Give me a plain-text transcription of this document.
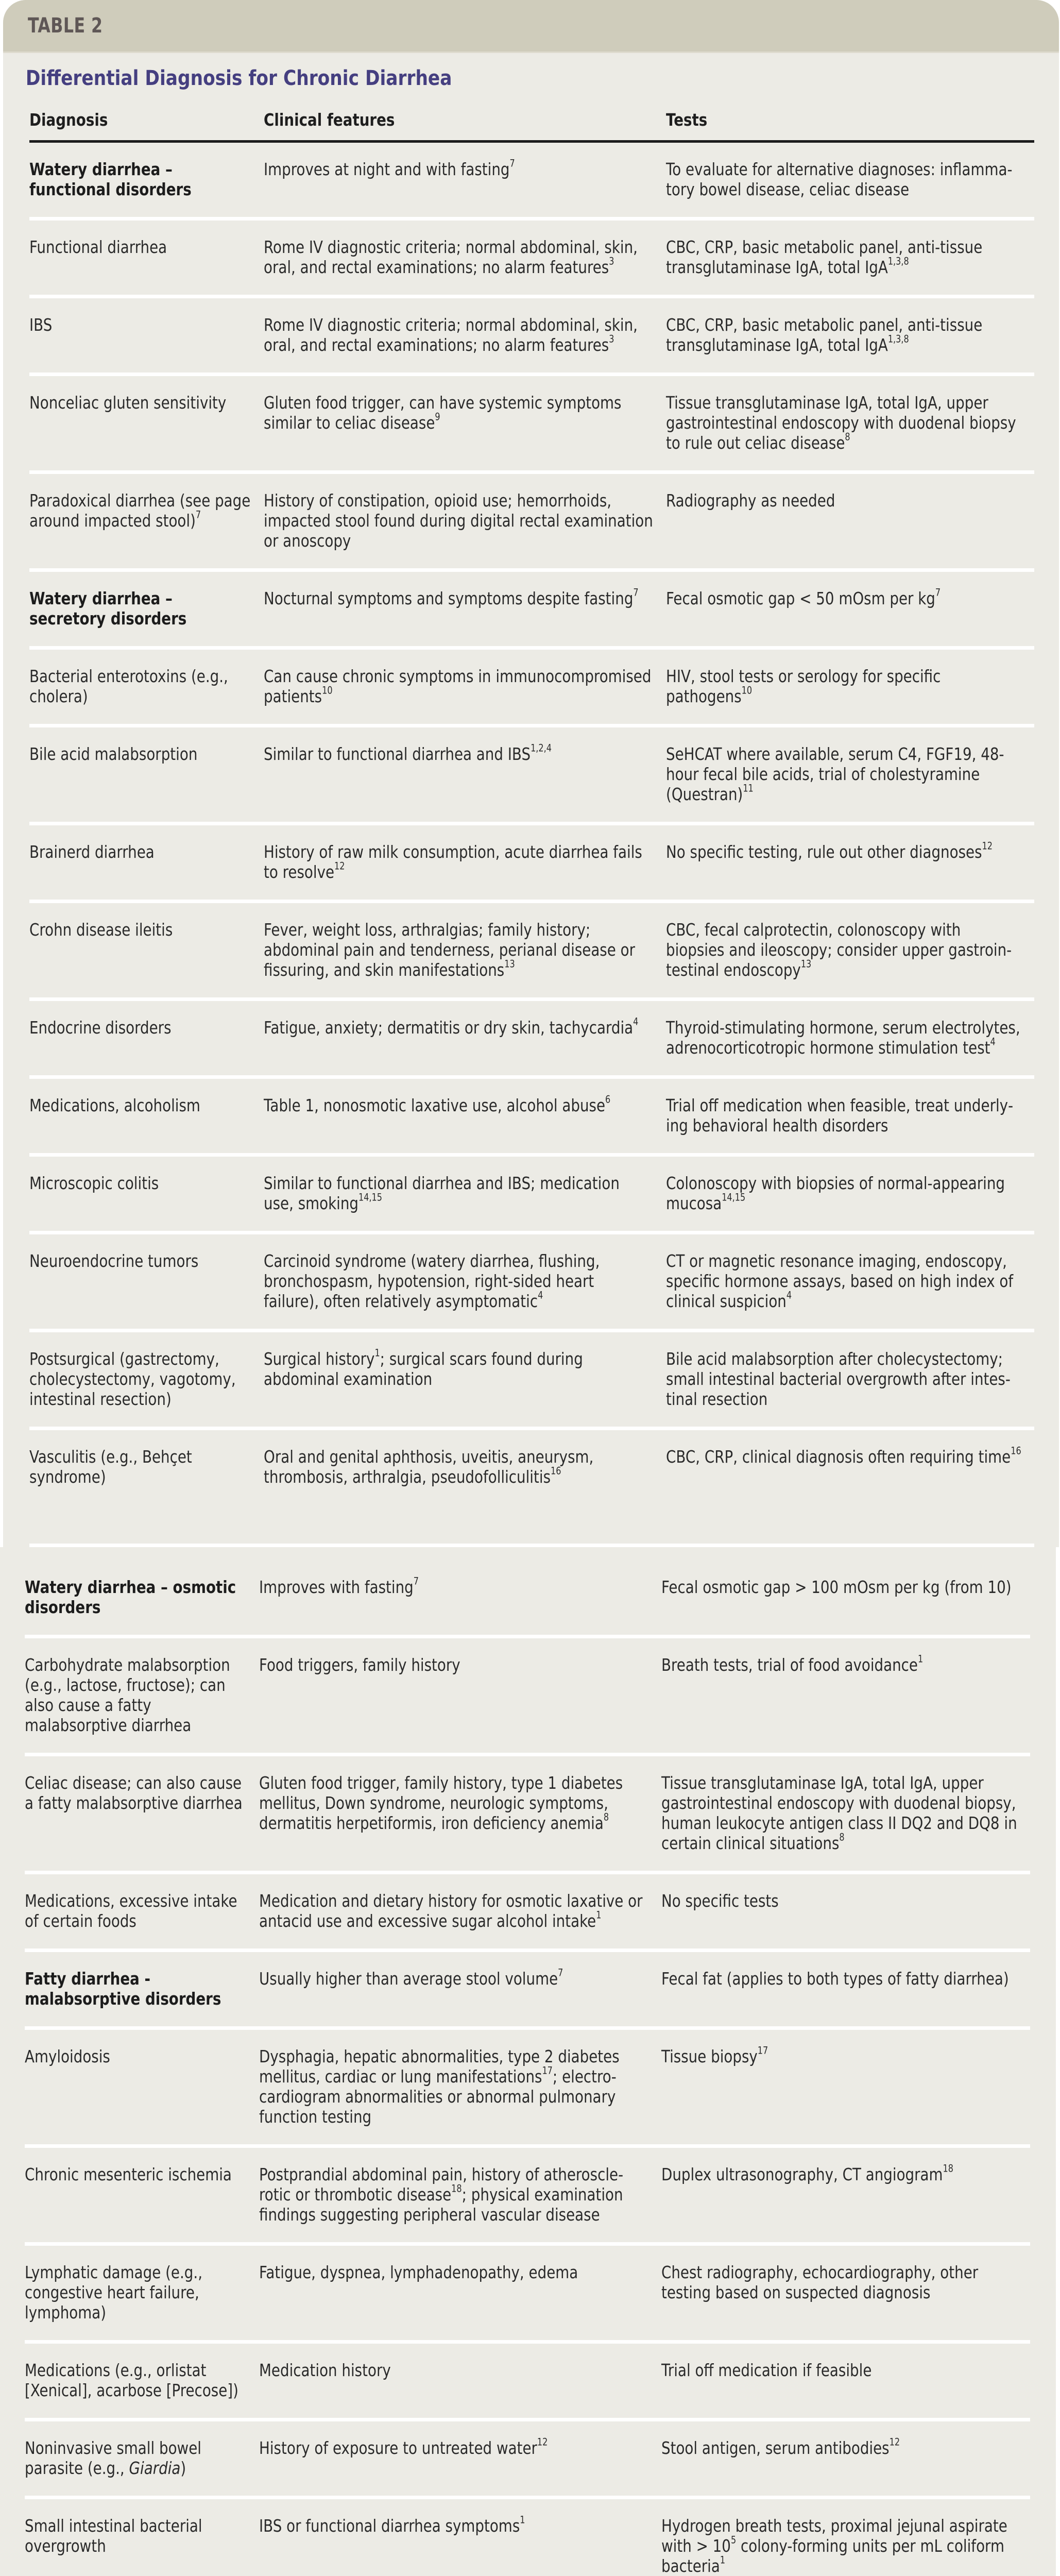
TABLE 2
Differential Diagnosis for Chronic Diarrhea
Diagnosis	Clinical features	Tests
Watery diarrhea – functional disorders	Improves at night and with fasting$^7$	To evaluate for alternative diagnoses: inflammatory bowel disease, celiac disease
Functional diarrhea	Rome IV diagnostic criteria; normal abdominal, skin, oral, and rectal examinations; no alarm features$^3$	CBC, CRP, basic metabolic panel, anti-tissue transglutaminase IgA, total IgA$^{1,3,8}$
IBS	Rome IV diagnostic criteria; normal abdominal, skin, oral, and rectal examinations; no alarm features$^3$	CBC, CRP, basic metabolic panel, anti-tissue transglutaminase IgA, total IgA$^{1,3,8}$
Nonceliac gluten sensitivity	Gluten food trigger, can have systemic symptoms similar to celiac disease$^9$	Tissue transglutaminase IgA, total IgA, upper gastrointestinal endoscopy with duodenal biopsy to rule out celiac disease$^8$
Paradoxical diarrhea (see page around impacted stool)$^7$	History of constipation, opioid use; hemorrhoids, impacted stool found during digital rectal examination or anoscopy	Radiography as needed
Watery diarrhea – secretory disorders	Nocturnal symptoms and symptoms despite fasting$^7$	Fecal osmotic gap < 50 mOsm per $kg^7$
Bacterial enterotoxins (e.g., cholera)	Can cause chronic symptoms in immunocompromised patients$^{10}$	HIV, stool tests or serology for specific pathogens$^{10}$
Bile acid malabsorption	Similar to functional diarrhea and IBS$^{1,2,4}$	SeHCAT where available, serum C4, FGF19, 48-hour fecal bile acids, trial of cholestyramine (Questran)$^{11}$
Brainerd diarrhea	History of raw milk consumption, acute diarrhea fails to resolve$^{12}$	No specific testing, rule out other diagnoses$^{12}$
Crohn disease ileitis	Fever, weight loss, arthralgias; family history; abdominal pain and tenderness, perianal disease or fissuring, and skin manifestations$^{13}$	CBC, fecal calprotectin, colonoscopy with biopsies and ileoscopy; consider upper gastrointestinal endoscopy$^{13}$
Endocrine disorders	Fatigue, anxiety; dermatitis or dry skin, tachycardia$^4$	Thyroid-stimulating hormone, serum electrolytes, adrenocorticotropic hormone stimulation test$^4$
Medications, alcoholism	Table 1, nonosmotic laxative use, alcohol abuse$^6$	Trial off medication when feasible, treat underlying behavioral health disorders
Microscopic colitis	Similar to functional diarrhea and IBS; medication use, smoking$^{14,15}$	Colonoscopy with biopsies of normal-appearing mucosa$^{14,15}$
Neuroendocrine tumors	Carcinoid syndrome (watery diarrhea, flushing, bronchospasm, hypotension, right-sided heart failure), often relatively asymptomatic$^4$	CT or magnetic resonance imaging, endoscopy, specific hormone assays, based on high index of clinical suspicion$^4$
Postsurgical (gastrectomy, cholecystectomy, vagotomy, intestinal resection)	Surgical history$^1$; surgical scars found during abdominal examination	Bile acid malabsorption after cholecystectomy; small intestinal bacterial overgrowth after intestinal resection
Vasculitis (e.g., Behçet syndrome)	Oral and genital aphthosis, uveitis, aneurysm, thrombosis, arthralgia, pseudofolliculitis$^{16}$	CBC, CRP, clinical diagnosis often requiring time$^{16}$
Watery diarrhea – osmotic disorders	Improves with fasting$^7$	Fecal osmotic gap > 100 mOsm per kg (from 10)
Carbohydrate malabsorption (e.g., lactose, fructose); can also cause a fatty malabsorptive diarrhea	Food triggers, family history	Breath tests, trial of food avoidance$^1$
Celiac disease; can also cause a fatty malabsorptive diarrhea	Gluten food trigger, family history, type 1 diabetes mellitus, Down syndrome, neurologic symptoms, dermatitis herpetiformis, iron deficiency anemia$^8$	Tissue transglutaminase IgA, total IgA, upper gastrointestinal endoscopy with duodenal biopsy, human leukocyte antigen class II DQ2 and DQ8 in certain clinical situations$^8$
Medications, excessive intake of certain foods	Medication and dietary history for osmotic laxative or antacid use and excessive sugar alcohol intake$^1$	No specific tests
Fatty diarrhea - malabsorptive disorders	Usually higher than average stool volume$^7$	Fecal fat (applies to both types of fatty diarrhea)
Amyloidosis	Dysphagia, hepatic abnormalities, type 2 diabetes mellitus, cardiac or lung manifestations$^{17}$; electrocardiogram abnormalities or abnormal pulmonary function testing	Tissue biopsy$^{17}$
Chronic mesenteric ischemia	Postprandial abdominal pain, history of atherosclerotic or thrombotic disease$^{18}$; physical examination findings suggesting peripheral vascular disease	Duplex ultrasonography, CT angiogram$^{18}$
Lymphatic damage (e.g., congestive heart failure, lymphoma)	Fatigue, dyspnea, lymphadenopathy, edema	Chest radiography, echocardiography, other testing based on suspected diagnosis
Medications (e.g., orlistat [Xenical], acarbose [Precose])	Medication history	Trial off medication if feasible
Noninvasive small bowel parasite (e.g., Giardia)	History of exposure to untreated water$^{12}$	Stool antigen, serum antibodies$^{12}$
Small intestinal bacterial overgrowth	IBS or functional diarrhea symptoms$^1$	Hydrogen breath tests, proximal jejunal aspirate with > $10^5$ colony-forming units per mL coliform bacteria$^1$
